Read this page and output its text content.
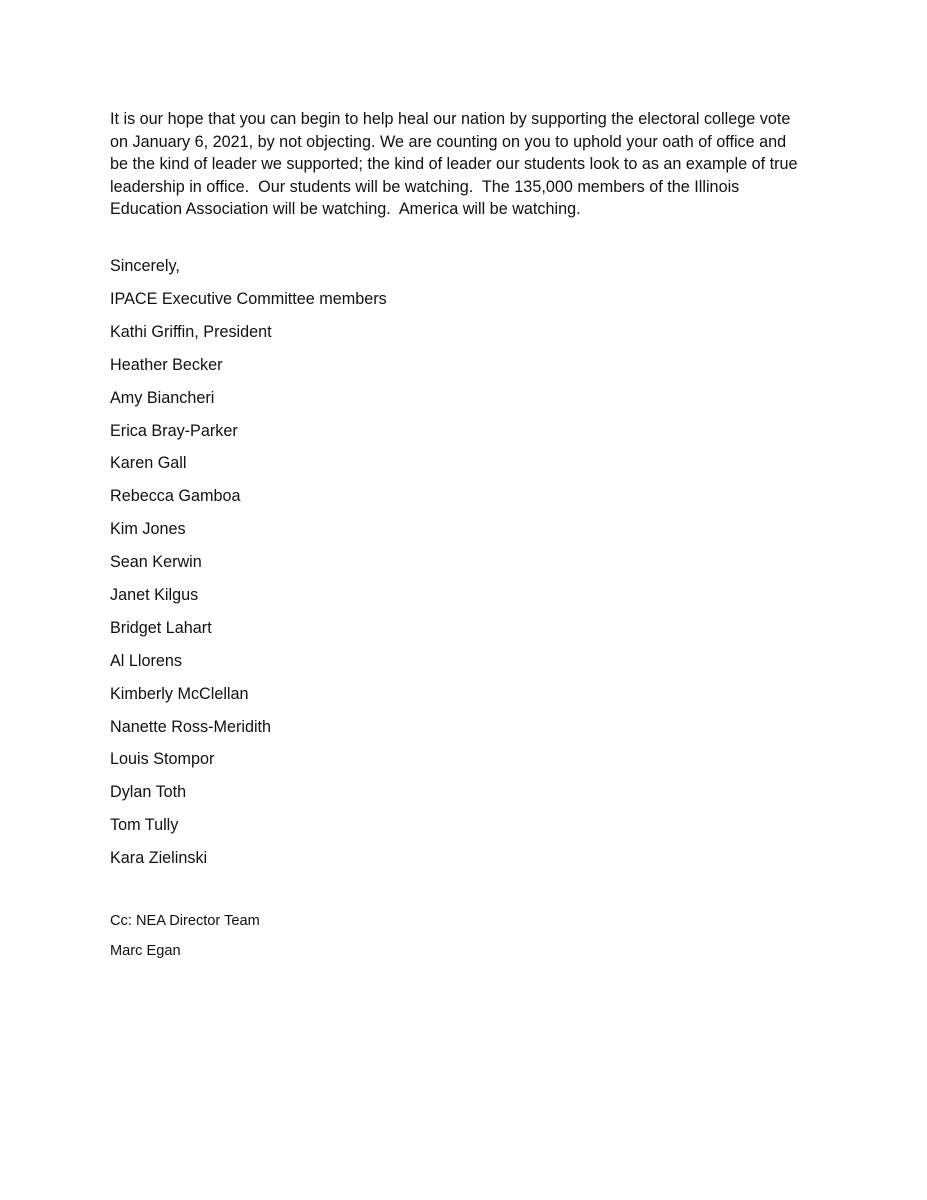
It is our hope that you can begin to help heal our nation by supporting the electoral college vote
on January 6, 2021, by not objecting. We are counting on you to uphold your oath of office and
be the kind of leader we supported; the kind of leader our students look to as an example of true
leadership in office.  Our students will be watching.  The 135,000 members of the Illinois
Education Association will be watching.  America will be watching.

Sincerely,

IPACE Executive Committee members
Kathi Griffin, President
Heather Becker
Amy Biancheri
Erica Bray-Parker
Karen Gall
Rebecca Gamboa
Kim Jones
Sean Kerwin
Janet Kilgus
Bridget Lahart
Al Llorens
Kimberly McClellan
Nanette Ross-Meridith
Louis Stompor
Dylan Toth
Tom Tully
Kara Zielinski
Cc: NEA Director Team
Marc Egan
